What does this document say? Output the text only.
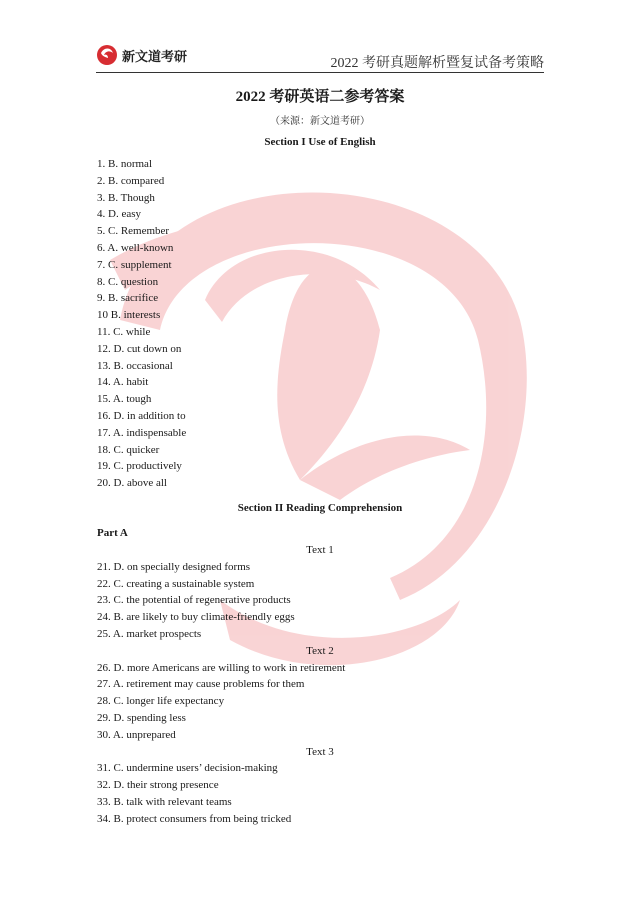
新文道考研	2022 考研真题解析暨复试备考策略
2022 考研英语二参考答案
（来源：新文道考研）
Section I Use of English
1. B. normal
2. B. compared
3. B. Though
4. D. easy
5. C. Remember
6. A. well-known
7. C. supplement
8. C. question
9. B. sacrifice
10 B. interests
11. C. while
12. D. cut down on
13. B. occasional
14. A. habit
15. A. tough
16. D. in addition to
17. A. indispensable
18. C. quicker
19. C. productively
20. D. above all
Section II Reading Comprehension
Part A
Text 1
21. D. on specially designed forms
22. C. creating a sustainable system
23. C. the potential of regenerative products
24. B. are likely to buy climate-friendly eggs
25. A. market prospects
Text 2
26. D. more Americans are willing to work in retirement
27. A. retirement may cause problems for them
28. C. longer life expectancy
29. D. spending less
30. A. unprepared
Text 3
31. C. undermine users’ decision-making
32. D. their strong presence
33. B. talk with relevant teams
34. B. protect consumers from being tricked
